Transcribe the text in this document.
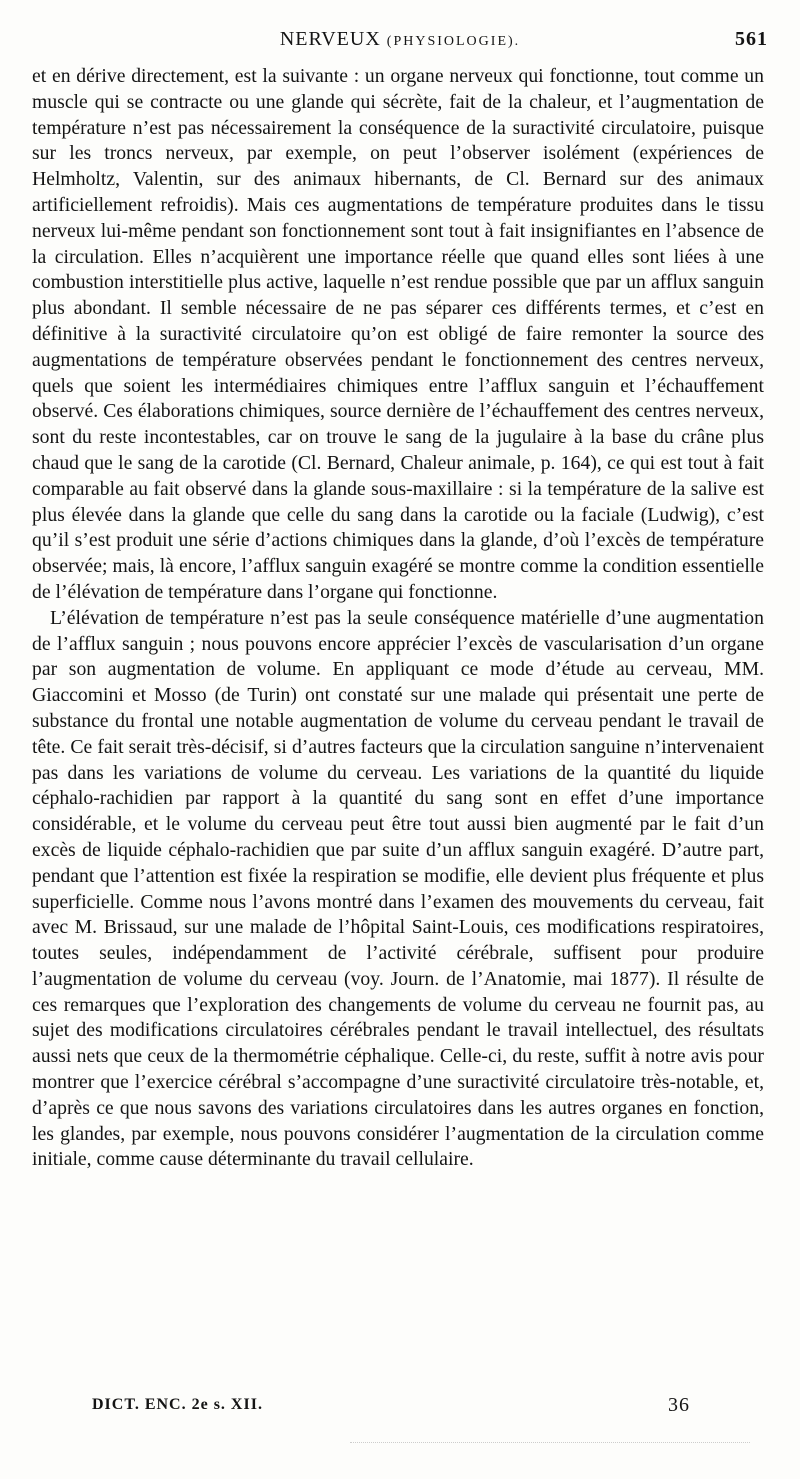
NERVEUX (PHYSIOLOGIE).	561

et en dérive directement, est la suivante : un organe nerveux qui fonctionne, tout comme un muscle qui se contracte ou une glande qui sécrète, fait de la chaleur, et l’augmentation de température n’est pas nécessairement la conséquence de la suractivité circulatoire, puisque sur les troncs nerveux, par exemple, on peut l’observer isolément (expériences de Helmholtz, Valentin, sur des animaux hibernants, de Cl. Bernard sur des animaux artificiellement refroidis). Mais ces augmentations de température produites dans le tissu nerveux lui-même pendant son fonctionnement sont tout à fait insignifiantes en l’absence de la circulation. Elles n’acquièrent une importance réelle que quand elles sont liées à une combustion interstitielle plus active, laquelle n’est rendue possible que par un afflux sanguin plus abondant. Il semble nécessaire de ne pas séparer ces différents termes, et c’est en définitive à la suractivité circulatoire qu’on est obligé de faire remonter la source des augmentations de température observées pendant le fonctionnement des centres nerveux, quels que soient les intermédiaires chimiques entre l’afflux sanguin et l’échauffement observé. Ces élaborations chimiques, source dernière de l’échauffement des centres nerveux, sont du reste incontestables, car on trouve le sang de la jugulaire à la base du crâne plus chaud que le sang de la carotide (Cl. Bernard, Chaleur animale, p. 164), ce qui est tout à fait comparable au fait observé dans la glande sous-maxillaire : si la température de la salive est plus élevée dans la glande que celle du sang dans la carotide ou la faciale (Ludwig), c’est qu’il s’est produit une série d’actions chimiques dans la glande, d’où l’excès de température observée; mais, là encore, l’afflux sanguin exagéré se montre comme la condition essentielle de l’élévation de température dans l’organe qui fonctionne.

L’élévation de température n’est pas la seule conséquence matérielle d’une augmentation de l’afflux sanguin ; nous pouvons encore apprécier l’excès de vascularisation d’un organe par son augmentation de volume. En appliquant ce mode d’étude au cerveau, MM. Giaccomini et Mosso (de Turin) ont constaté sur une malade qui présentait une perte de substance du frontal une notable augmentation de volume du cerveau pendant le travail de tête. Ce fait serait très-décisif, si d’autres facteurs que la circulation sanguine n’intervenaient pas dans les variations de volume du cerveau. Les variations de la quantité du liquide céphalo-rachidien par rapport à la quantité du sang sont en effet d’une importance considérable, et le volume du cerveau peut être tout aussi bien augmenté par le fait d’un excès de liquide céphalo-rachidien que par suite d’un afflux sanguin exagéré. D’autre part, pendant que l’attention est fixée la respiration se modifie, elle devient plus fréquente et plus superficielle. Comme nous l’avons montré dans l’examen des mouvements du cerveau, fait avec M. Brissaud, sur une malade de l’hôpital Saint-Louis, ces modifications respiratoires, toutes seules, indépendamment de l’activité cérébrale, suffisent pour produire l’augmentation de volume du cerveau (voy. Journ. de l’Anatomie, mai 1877). Il résulte de ces remarques que l’exploration des changements de volume du cerveau ne fournit pas, au sujet des modifications circulatoires cérébrales pendant le travail intellectuel, des résultats aussi nets que ceux de la thermométrie céphalique. Celle-ci, du reste, suffit à notre avis pour montrer que l’exercice cérébral s’accompagne d’une suractivité circulatoire très-notable, et, d’après ce que nous savons des variations circulatoires dans les autres organes en fonction, les glandes, par exemple, nous pouvons considérer l’augmentation de la circulation comme initiale, comme cause déterminante du travail cellulaire.

DICT. ENC. 2e s. XII.	36
